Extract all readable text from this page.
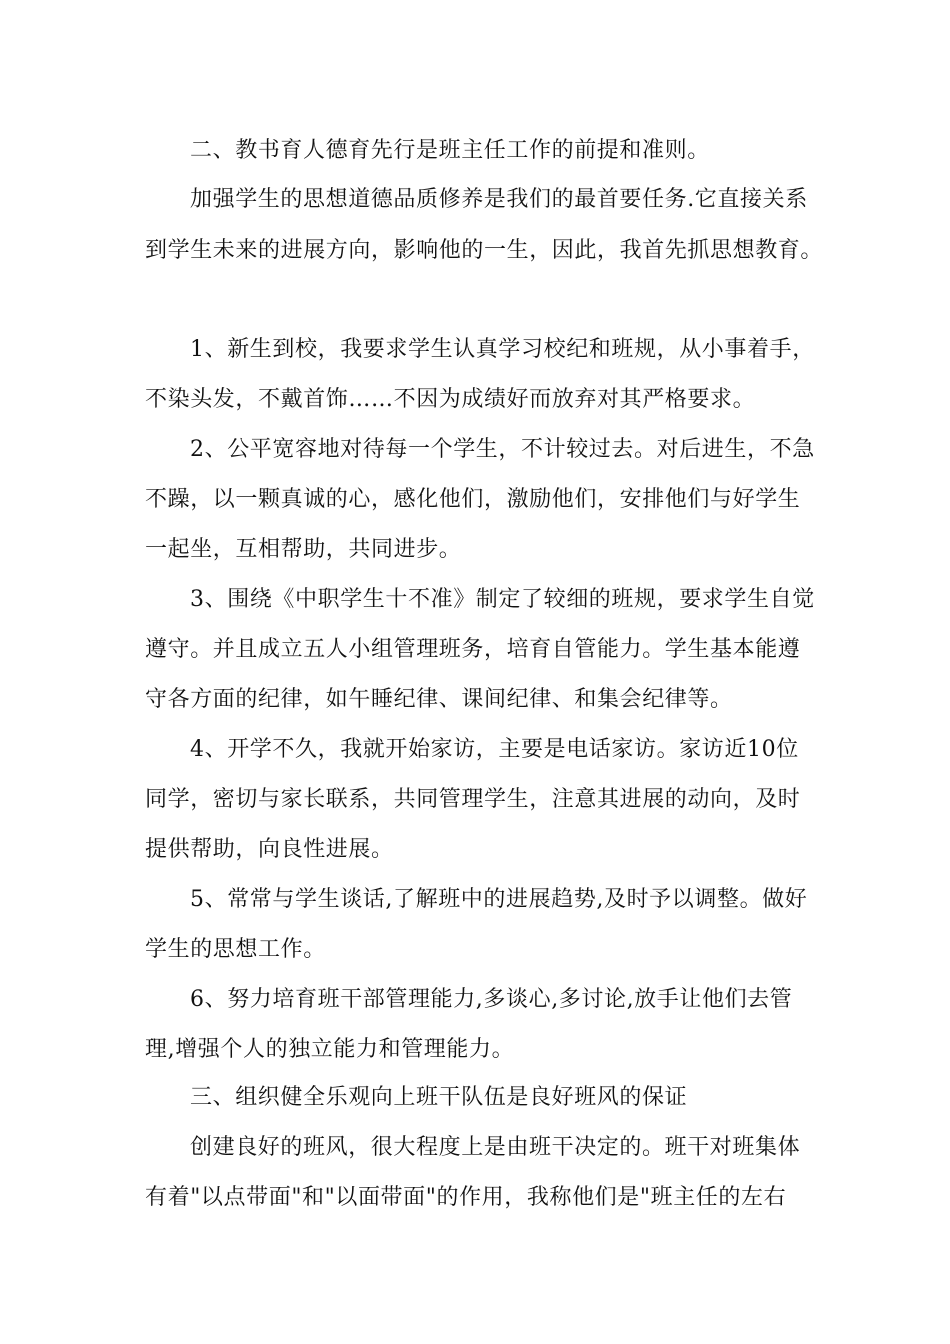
二、教书育人德育先行是班主任工作的前提和准则。
加强学生的思想道德品质修养是我们的最首要任务.它直接关系
到学生未来的进展方向，影响他的一生，因此，我首先抓思想教育。
1、新生到校，我要求学生认真学习校纪和班规，从小事着手，
不染头发，不戴首饰……不因为成绩好而放弃对其严格要求。
2、公平宽容地对待每一个学生，不计较过去。对后进生，不急
不躁，以一颗真诚的心，感化他们，激励他们，安排他们与好学生
一起坐，互相帮助，共同进步。
3、围绕《中职学生十不准》制定了较细的班规，要求学生自觉
遵守。并且成立五人小组管理班务，培育自管能力。学生基本能遵
守各方面的纪律，如午睡纪律、课间纪律、和集会纪律等。
4、开学不久，我就开始家访，主要是电话家访。家访近10位
同学，密切与家长联系，共同管理学生，注意其进展的动向，及时
提供帮助，向良性进展。
5、常常与学生谈话,了解班中的进展趋势,及时予以调整。做好
学生的思想工作。
6、努力培育班干部管理能力,多谈心,多讨论,放手让他们去管
理,增强个人的独立能力和管理能力。
三、组织健全乐观向上班干队伍是良好班风的保证
创建良好的班风，很大程度上是由班干决定的。班干对班集体
有着"以点带面"和"以面带面"的作用，我称他们是"班主任的左右
